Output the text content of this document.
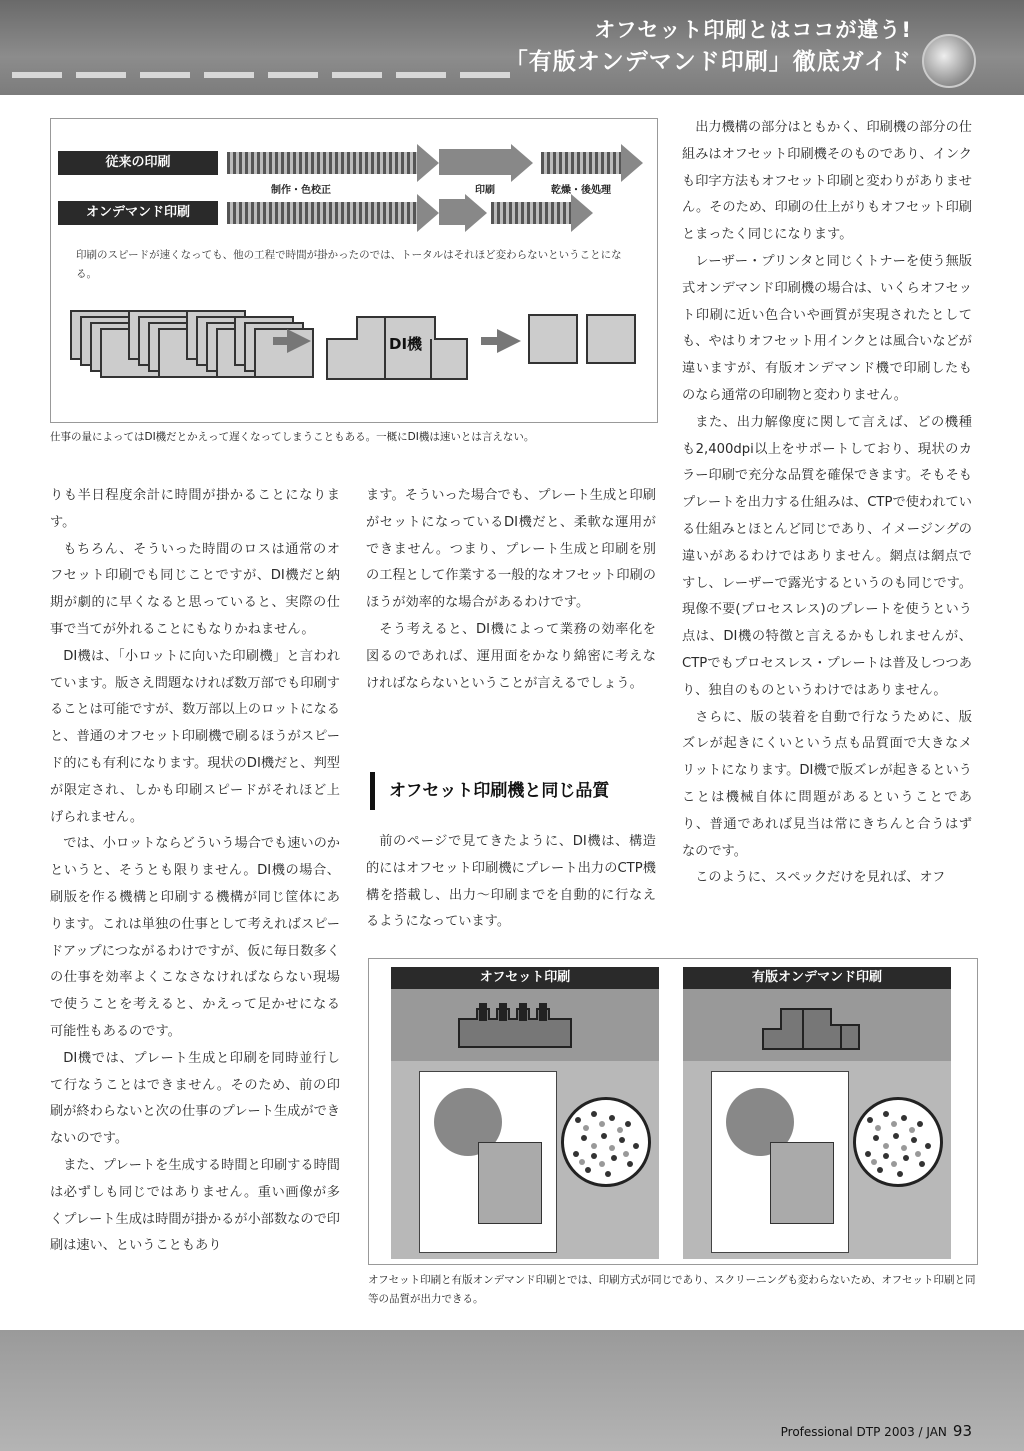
オフセット印刷とはココが違う!
「有版オンデマンド印刷」徹底ガイド
従来の印刷
制作・色校正	印刷	乾燥・後処理
オンデマンド印刷
印刷のスピードが速くなっても、他の工程で時間が掛かったのでは、トータルはそれほど変わらないということになる。
DI機
仕事の量によってはDI機だとかえって遅くなってしまうこともある。一概にDI機は速いとは言えない。

りも半日程度余計に時間が掛かることになります。

もちろん、そういった時間のロスは通常のオフセット印刷でも同じことですが、DI機だと納期が劇的に早くなると思っていると、実際の仕事で当てが外れることにもなりかねません。

DI機は、「小ロットに向いた印刷機」と言われています。版さえ問題なければ数万部でも印刷することは可能ですが、数万部以上のロットになると、普通のオフセット印刷機で刷るほうがスピード的にも有利になります。現状のDI機だと、判型が限定され、しかも印刷スピードがそれほど上げられません。

では、小ロットならどういう場合でも速いのかというと、そうとも限りません。DI機の場合、刷版を作る機構と印刷する機構が同じ筐体にあります。これは単独の仕事として考えればスピードアップにつながるわけですが、仮に毎日数多くの仕事を効率よくこなさなければならない現場で使うことを考えると、かえって足かせになる可能性もあるのです。

DI機では、プレート生成と印刷を同時並行して行なうことはできません。そのため、前の印刷が終わらないと次の仕事のプレート生成ができないのです。

また、プレートを生成する時間と印刷する時間は必ずしも同じではありません。重い画像が多くプレート生成は時間が掛かるが小部数なので印刷は速い、ということもあり

ます。そういった場合でも、プレート生成と印刷がセットになっているDI機だと、柔軟な運用ができません。つまり、プレート生成と印刷を別の工程として作業する一般的なオフセット印刷のほうが効率的な場合があるわけです。

そう考えると、DI機によって業務の効率化を図るのであれば、運用面をかなり綿密に考えなければならないということが言えるでしょう。

オフセット印刷機と同じ品質

前のページで見てきたように、DI機は、構造的にはオフセット印刷機にプレート出力のCTP機構を搭載し、出力～印刷までを自動的に行なえるようになっています。

出力機構の部分はともかく、印刷機の部分の仕組みはオフセット印刷機そのものであり、インクも印字方法もオフセット印刷と変わりがありません。そのため、印刷の仕上がりもオフセット印刷とまったく同じになります。

レーザー・プリンタと同じくトナーを使う無版式オンデマンド印刷機の場合は、いくらオフセット印刷に近い色合いや画質が実現されたとしても、やはりオフセット用インクとは風合いなどが違いますが、有版オンデマンド機で印刷したものなら通常の印刷物と変わりません。

また、出力解像度に関して言えば、どの機種も2,400dpi以上をサポートしており、現状のカラー印刷で充分な品質を確保できます。そもそもプレートを出力する仕組みは、CTPで使われている仕組みとほとんど同じであり、イメージングの違いがあるわけではありません。網点は網点ですし、レーザーで露光するというのも同じです。現像不要(プロセスレス)のプレートを使うという点は、DI機の特徴と言えるかもしれませんが、CTPでもプロセスレス・プレートは普及しつつあり、独自のものというわけではありません。

さらに、版の装着を自動で行なうために、版ズレが起きにくいという点も品質面で大きなメリットになります。DI機で版ズレが起きるということは機械自体に問題があるということであり、普通であれば見当は常にきちんと合うはずなのです。

このように、スペックだけを見れば、オフ

オフセット印刷	有版オンデマンド印刷
オフセット印刷と有版オンデマンド印刷とでは、印刷方式が同じであり、スクリーニングも変わらないため、オフセット印刷と同等の品質が出力できる。
Professional DTP 2003 / JAN 93
